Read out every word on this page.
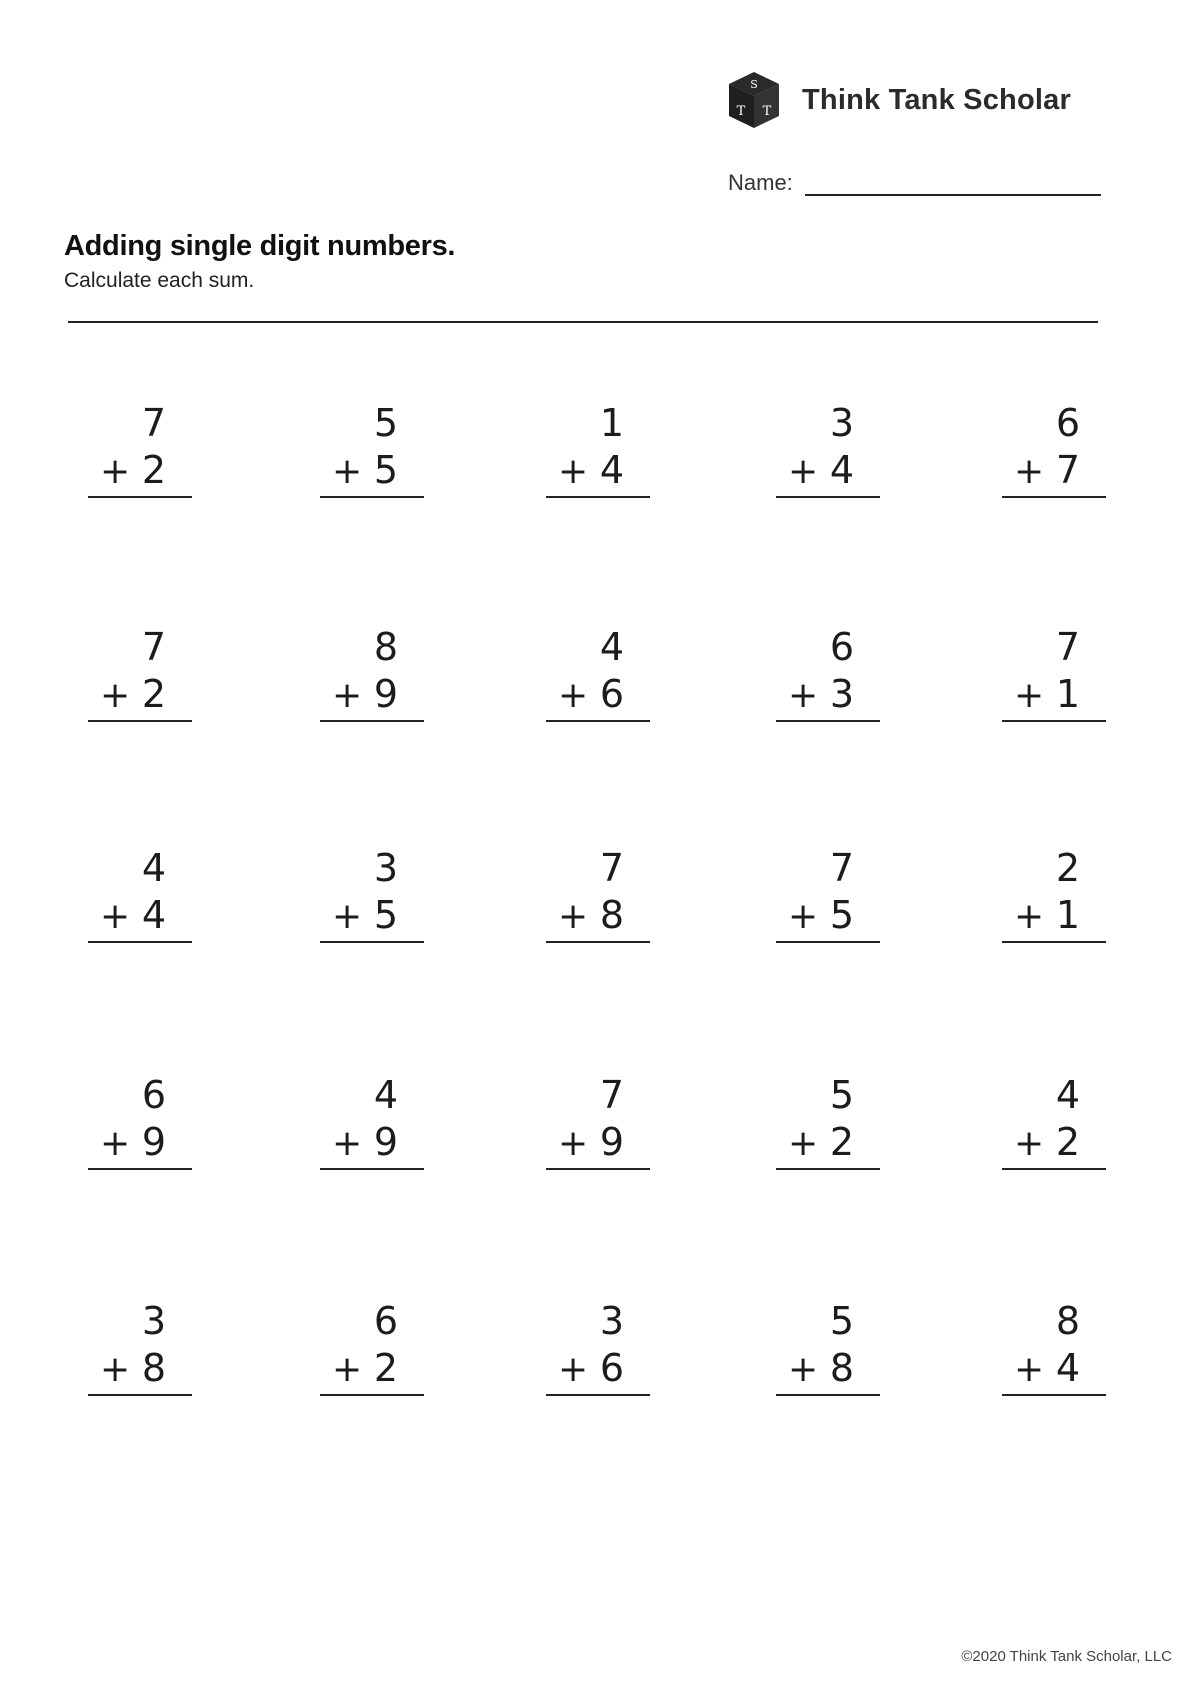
S
T T Think Tank Scholar
Name:
Adding single digit numbers.
Calculate each sum.
7
+ 2
5
+ 5
1
+ 4
3
+ 4
6
+ 7
7
+ 2
8
+ 9
4
+ 6
6
+ 3
7
+ 1
4
+ 4
3
+ 5
7
+ 8
7
+ 5
2
+ 1
6
+ 9
4
+ 9
7
+ 9
5
+ 2
4
+ 2
3
+ 8
6
+ 2
3
+ 6
5
+ 8
8
+ 4
©2020 Think Tank Scholar, LLC
